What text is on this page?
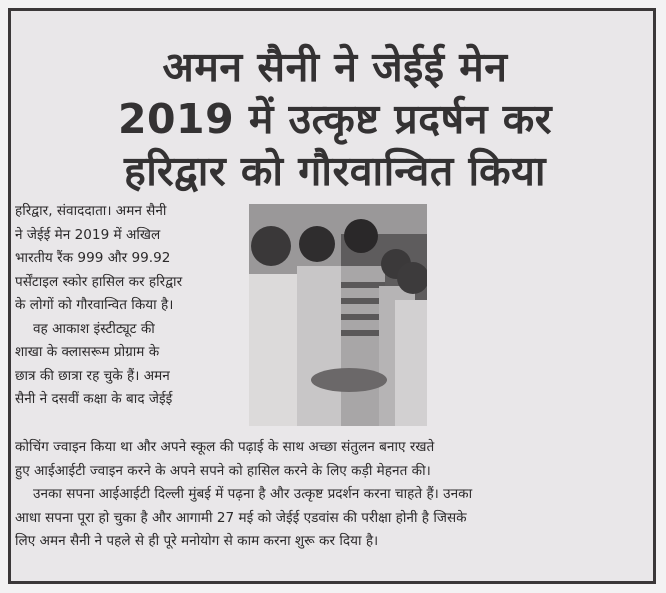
अमन सैनी ने जेईई मेन
2019 में उत्कृष्ट प्रदर्षन कर
हरिद्वार को गौरवान्वित किया
हरिद्वार, संवाददाता। अमन सैनी
ने जेईई मेन 2019 में अखिल
भारतीय रैंक 999 और 99.92
पर्सेंटाइल स्कोर हासिल कर हरिद्वार
के लोगों को गौरवान्वित किया है।
वह आकाश इंस्टीट्यूट की
शाखा के क्लासरूम प्रोग्राम के
छात्र की छात्रा रह चुके हैं। अमन
सैनी ने दसवीं कक्षा के बाद जेईई
कोचिंग ज्वाइन किया था और अपने स्कूल की पढ़ाई के साथ अच्छा संतुलन बनाए रखते
हुए आईआईटी ज्वाइन करने के अपने सपने को हासिल करने के लिए कड़ी मेहनत की।
उनका सपना आईआईटी दिल्ली मुंबई में पढ़ना है और उत्कृष्ट प्रदर्शन करना चाहते हैं। उनका
आधा सपना पूरा हो चुका है और आगामी 27 मई को जेईई एडवांस की परीक्षा होनी है जिसके
लिए अमन सैनी ने पहले से ही पूरे मनोयोग से काम करना शुरू कर दिया है।
